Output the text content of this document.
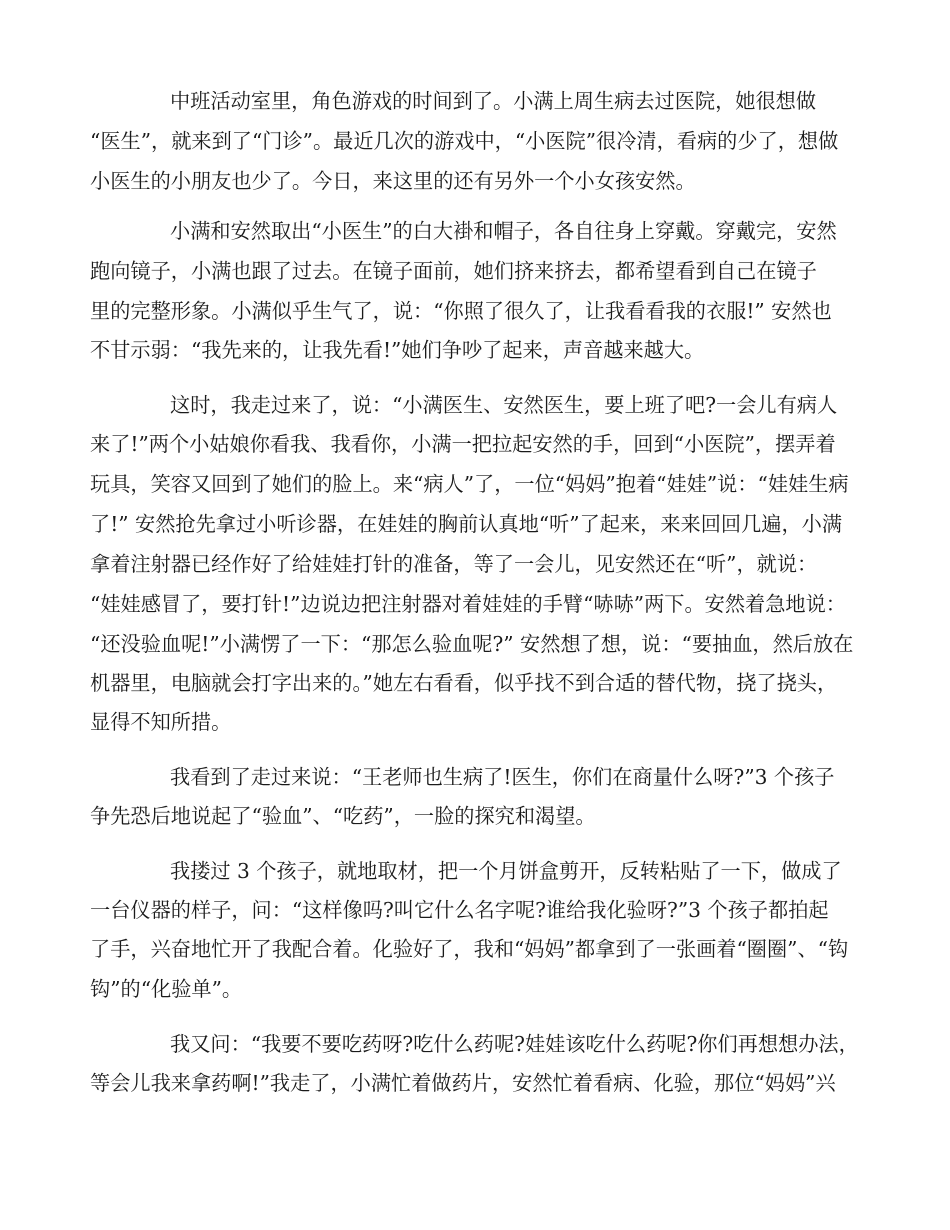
中班活动室里，角色游戏的时间到了。小满上周生病去过医院，她很想做
“医生”，就来到了“门诊”。最近几次的游戏中，“小医院”很冷清，看病的少了，想做
小医生的小朋友也少了。今日，来这里的还有另外一个小女孩安然。
小满和安然取出“小医生”的白大褂和帽子，各自往身上穿戴。穿戴完，安然
跑向镜子，小满也跟了过去。在镜子面前，她们挤来挤去，都希望看到自己在镜子
里的完整形象。小满似乎生气了，说：“你照了很久了，让我看看我的衣服!” 安然也
不甘示弱：“我先来的，让我先看!”她们争吵了起来，声音越来越大。
这时，我走过来了，说：“小满医生、安然医生，要上班了吧?一会儿有病人
来了!”两个小姑娘你看我、我看你，小满一把拉起安然的手，回到“小医院”，摆弄着
玩具，笑容又回到了她们的脸上。来“病人”了，一位“妈妈”抱着“娃娃”说：“娃娃生病
了!” 安然抢先拿过小听诊器，在娃娃的胸前认真地“听”了起来，来来回回几遍，小满
拿着注射器已经作好了给娃娃打针的准备，等了一会儿，见安然还在“听”，就说：
“娃娃感冒了，要打针!”边说边把注射器对着娃娃的手臂“哧哧”两下。安然着急地说：
“还没验血呢!”小满愣了一下：“那怎么验血呢?” 安然想了想，说：“要抽血，然后放在
机器里，电脑就会打字出来的。”她左右看看，似乎找不到合适的替代物，挠了挠头，
显得不知所措。
我看到了走过来说：“王老师也生病了!医生，你们在商量什么呀?”3 个孩子
争先恐后地说起了“验血”、“吃药”，一脸的探究和渴望。
我搂过 3 个孩子，就地取材，把一个月饼盒剪开，反转粘贴了一下，做成了
一台仪器的样子，问：“这样像吗?叫它什么名字呢?谁给我化验呀?”3 个孩子都拍起
了手，兴奋地忙开了我配合着。化验好了，我和“妈妈”都拿到了一张画着“圈圈”、“钩
钩”的“化验单”。
我又问：“我要不要吃药呀?吃什么药呢?娃娃该吃什么药呢?你们再想想办法，
等会儿我来拿药啊!”我走了，小满忙着做药片，安然忙着看病、化验，那位“妈妈”兴
